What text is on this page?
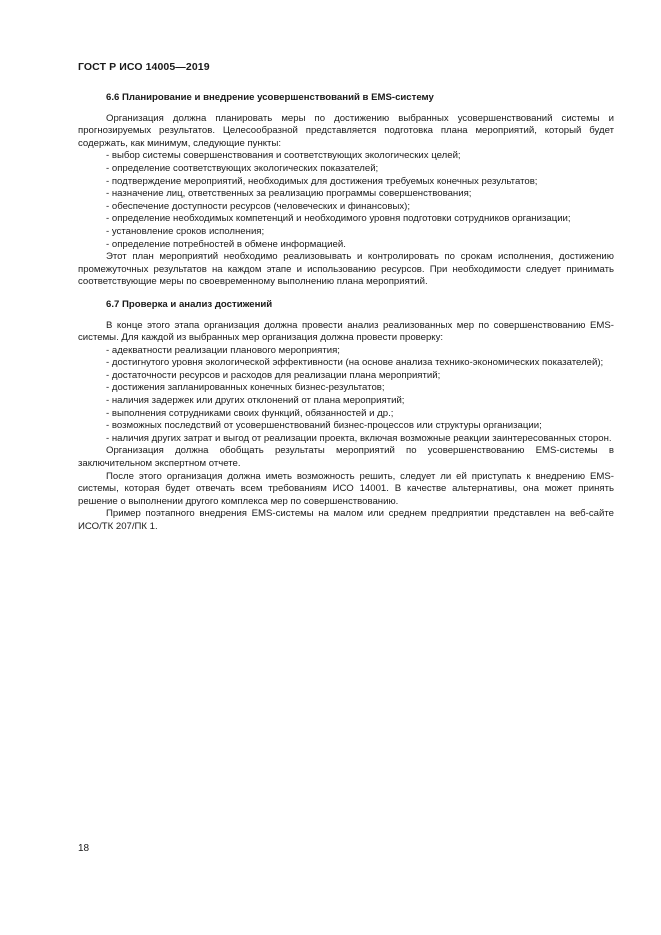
ГОСТ Р ИСО 14005—2019
6.6 Планирование и внедрение усовершенствований в EMS-систему

Организация должна планировать меры по достижению выбранных усовершенствований системы и прогнозируемых результатов. Целесообразной представляется подготовка плана мероприятий, который будет содержать, как минимум, следующие пункты:

- выбор системы совершенствования и соответствующих экологических целей;

- определение соответствующих экологических показателей;

- подтверждение мероприятий, необходимых для достижения требуемых конечных результатов;

- назначение лиц, ответственных за реализацию программы совершенствования;

- обеспечение доступности ресурсов (человеческих и финансовых);

- определение необходимых компетенций и необходимого уровня подготовки сотрудников организации;

- установление сроков исполнения;

- определение потребностей в обмене информацией.

Этот план мероприятий необходимо реализовывать и контролировать по срокам исполнения, достижению промежуточных результатов на каждом этапе и использованию ресурсов. При необходимости следует принимать соответствующие меры по своевременному выполнению плана мероприятий.

6.7 Проверка и анализ достижений

В конце этого этапа организация должна провести анализ реализованных мер по совершенствованию EMS-системы. Для каждой из выбранных мер организация должна провести проверку:

- адекватности реализации планового мероприятия;

- достигнутого уровня экологической эффективности (на основе анализа технико-экономических показателей);

- достаточности ресурсов и расходов для реализации плана мероприятий;

- достижения запланированных конечных бизнес-результатов;

- наличия задержек или других отклонений от плана мероприятий;

- выполнения сотрудниками своих функций, обязанностей и др.;

- возможных последствий от усовершенствований бизнес-процессов или структуры организации;

- наличия других затрат и выгод от реализации проекта, включая возможные реакции заинтересованных сторон.

Организация должна обобщать результаты мероприятий по усовершенствованию EMS-системы в заключительном экспертном отчете.

После этого организация должна иметь возможность решить, следует ли ей приступать к внедрению EMS-системы, которая будет отвечать всем требованиям ИСО 14001. В качестве альтернативы, она может принять решение о выполнении другого комплекса мер по совершенствованию.

Пример поэтапного внедрения EMS-системы на малом или среднем предприятии представлен на веб-сайте ИСО/ТК 207/ПК 1.

18
